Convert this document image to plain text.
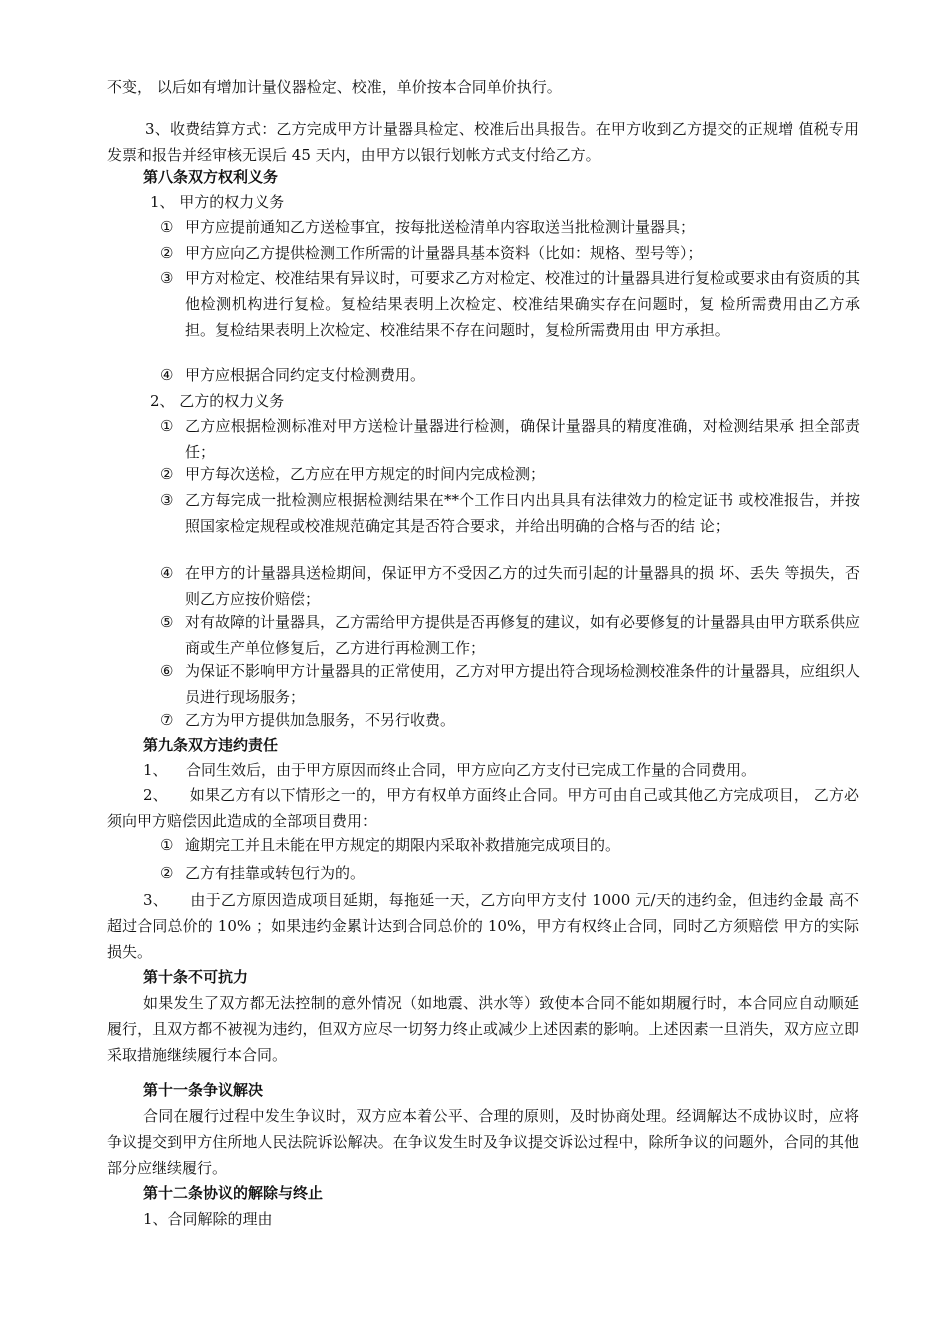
不变， 以后如有增加计量仪器检定、校准，单价按本合同单价执行。

3、收费结算方式：乙方完成甲方计量器具检定、校准后出具报告。在甲方收到乙方提交的正规增 值税专用发票和报告并经审核无误后 45 天内，由甲方以银行划帐方式支付给乙方。

第八条双方权利义务

1、 甲方的权力义务

① 甲方应提前通知乙方送检事宜，按每批送检清单内容取送当批检测计量器具；
② 甲方应向乙方提供检测工作所需的计量器具基本资料（比如：规格、型号等）；
③ 甲方对检定、校准结果有异议时，可要求乙方对检定、校准过的计量器具进行复检或要求由有资质的其他检测机构进行复检。复检结果表明上次检定、校准结果确实存在问题时，复 检所需费用由乙方承担。复检结果表明上次检定、校准结果不存在问题时，复检所需费用由 甲方承担。
④ 甲方应根据合同约定支付检测费用。

2、 乙方的权力义务

① 乙方应根据检测标准对甲方送检计量器进行检测，确保计量器具的精度准确，对检测结果承 担全部责任；
② 甲方每次送检，乙方应在甲方规定的时间内完成检测；
③ 乙方每完成一批检测应根据检测结果在**个工作日内出具具有法律效力的检定证书 或校准报告，并按照国家检定规程或校准规范确定其是否符合要求，并给出明确的合格与否的结 论；
④ 在甲方的计量器具送检期间，保证甲方不受因乙方的过失而引起的计量器具的损 坏、丢失 等损失，否则乙方应按价赔偿；
⑤ 对有故障的计量器具，乙方需给甲方提供是否再修复的建议，如有必要修复的计量器具由甲方联系供应商或生产单位修复后，乙方进行再检测工作；
⑥ 为保证不影响甲方计量器具的正常使用，乙方对甲方提出符合现场检测校准条件的计量器具，应组织人员进行现场服务；
⑦ 乙方为甲方提供加急服务，不另行收费。

第九条双方违约责任

1、 合同生效后，由于甲方原因而终止合同，甲方应向乙方支付已完成工作量的合同费用。

2、 如果乙方有以下情形之一的，甲方有权单方面终止合同。甲方可由自己或其他乙方完成项目， 乙方必须向甲方赔偿因此造成的全部项目费用：

① 逾期完工并且未能在甲方规定的期限内采取补救措施完成项目的。
② 乙方有挂靠或转包行为的。

3、 由于乙方原因造成项目延期，每拖延一天，乙方向甲方支付 1000 元/天的违约金，但违约金最 高不超过合同总价的 10% ；如果违约金累计达到合同总价的 10%，甲方有权终止合同，同时乙方须赔偿 甲方的实际损失。

第十条不可抗力

如果发生了双方都无法控制的意外情况（如地震、洪水等）致使本合同不能如期履行时，本合同应自动顺延履行，且双方都不被视为违约，但双方应尽一切努力终止或减少上述因素的影响。上述因素一旦消失，双方应立即采取措施继续履行本合同。

第十一条争议解决

合同在履行过程中发生争议时，双方应本着公平、合理的原则，及时协商处理。经调解达不成协议时，应将争议提交到甲方住所地人民法院诉讼解决。在争议发生时及争议提交诉讼过程中，除所争议的问题外，合同的其他部分应继续履行。

第十二条协议的解除与终止

1、合同解除的理由
